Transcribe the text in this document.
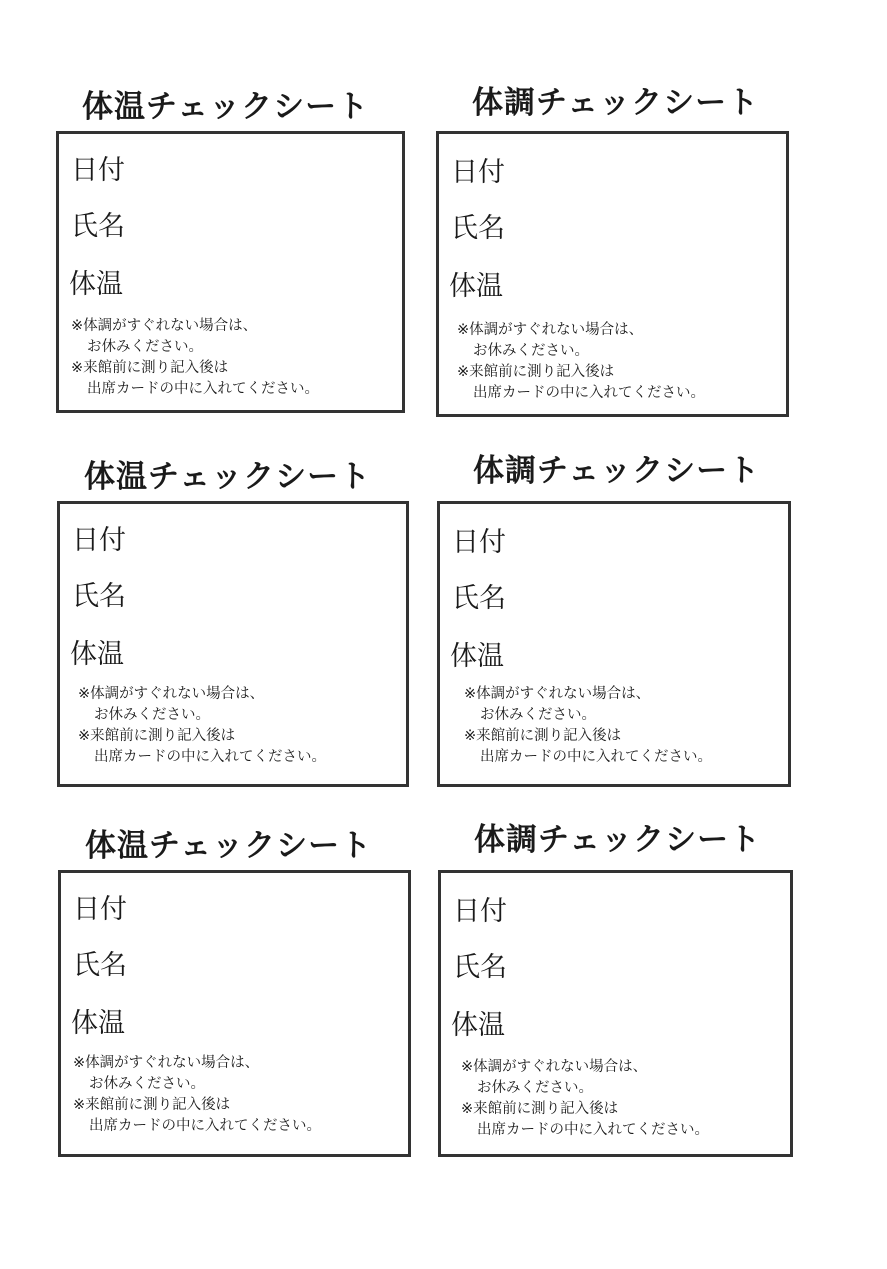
体温チェックシート
日付
氏名
体温
※体調がすぐれない場合は、
お休みください。
※来館前に測り記入後は
出席カードの中に入れてください。
体調チェックシート
日付
氏名
体温
※体調がすぐれない場合は、
お休みください。
※来館前に測り記入後は
出席カードの中に入れてください。
体温チェックシート
日付
氏名
体温
※体調がすぐれない場合は、
お休みください。
※来館前に測り記入後は
出席カードの中に入れてください。
体調チェックシート
日付
氏名
体温
※体調がすぐれない場合は、
お休みください。
※来館前に測り記入後は
出席カードの中に入れてください。
体温チェックシート
日付
氏名
体温
※体調がすぐれない場合は、
お休みください。
※来館前に測り記入後は
出席カードの中に入れてください。
体調チェックシート
日付
氏名
体温
※体調がすぐれない場合は、
お休みください。
※来館前に測り記入後は
出席カードの中に入れてください。
